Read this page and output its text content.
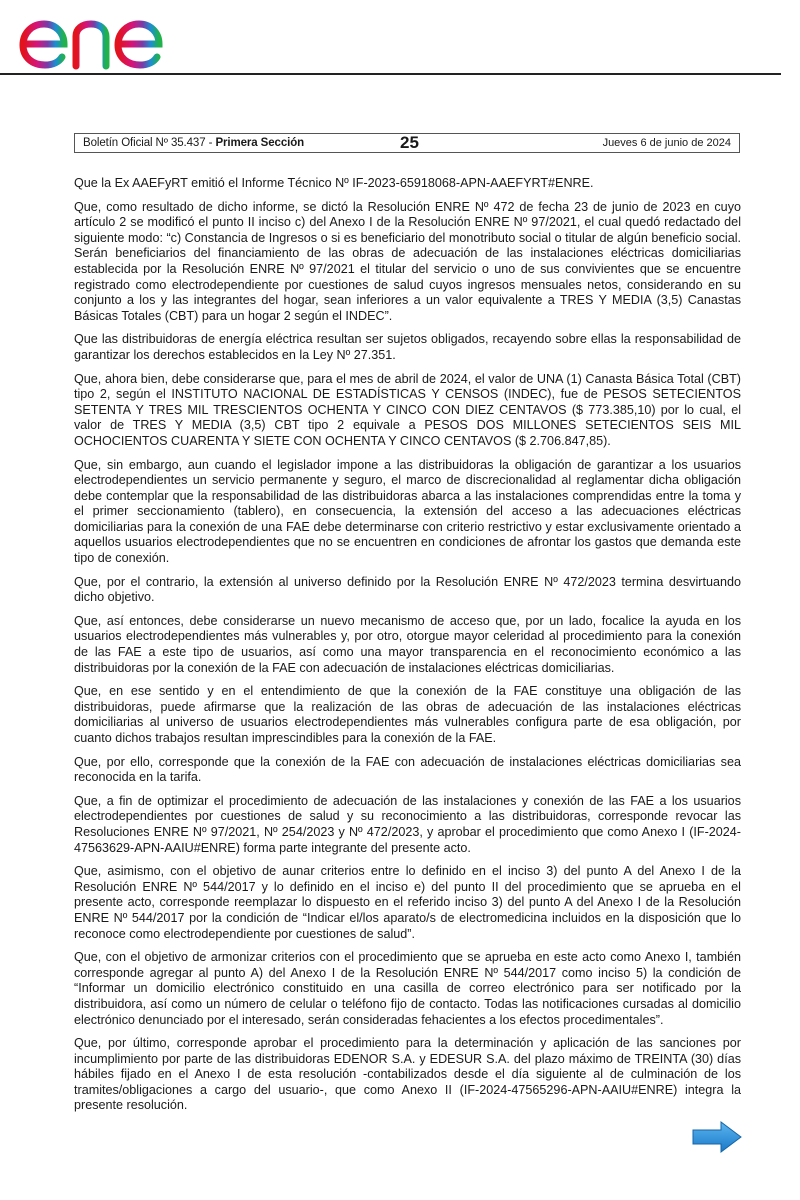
Boletín Oficial Nº 35.437 - Primera Sección	25	Jueves 6 de junio de 2024

Que la Ex AAEFyRT emitió el Informe Técnico Nº IF-2023-65918068-APN-AAEFYRT#ENRE.

Que, como resultado de dicho informe, se dictó la Resolución ENRE Nº 472 de fecha 23 de junio de 2023 en cuyo artículo 2 se modificó el punto II inciso c) del Anexo I de la Resolución ENRE Nº 97/2021, el cual quedó redactado del siguiente modo: “c) Constancia de Ingresos o si es beneficiario del monotributo social o titular de algún beneficio social. Serán beneficiarios del financiamiento de las obras de adecuación de las instalaciones eléctricas domiciliarias establecida por la Resolución ENRE Nº 97/2021 el titular del servicio o uno de sus convivientes que se encuentre registrado como electrodependiente por cuestiones de salud cuyos ingresos mensuales netos, considerando en su conjunto a los y las integrantes del hogar, sean inferiores a un valor equivalente a TRES Y MEDIA (3,5) Canastas Básicas Totales (CBT) para un hogar 2 según el INDEC”.

Que las distribuidoras de energía eléctrica resultan ser sujetos obligados, recayendo sobre ellas la responsabilidad de garantizar los derechos establecidos en la Ley Nº 27.351.

Que, ahora bien, debe considerarse que, para el mes de abril de 2024, el valor de UNA (1) Canasta Básica Total (CBT) tipo 2, según el INSTITUTO NACIONAL DE ESTADÍSTICAS Y CENSOS (INDEC), fue de PESOS SETECIENTOS SETENTA Y TRES MIL TRESCIENTOS OCHENTA Y CINCO CON DIEZ CENTAVOS ($ 773.385,10) por lo cual, el valor de TRES Y MEDIA (3,5) CBT tipo 2 equivale a PESOS DOS MILLONES SETECIENTOS SEIS MIL OCHOCIENTOS CUARENTA Y SIETE CON OCHENTA Y CINCO CENTAVOS ($ 2.706.847,85).

Que, sin embargo, aun cuando el legislador impone a las distribuidoras la obligación de garantizar a los usuarios electrodependientes un servicio permanente y seguro, el marco de discrecionalidad al reglamentar dicha obligación debe contemplar que la responsabilidad de las distribuidoras abarca a las instalaciones comprendidas entre la toma y el primer seccionamiento (tablero), en consecuencia, la extensión del acceso a las adecuaciones eléctricas domiciliarias para la conexión de una FAE debe determinarse con criterio restrictivo y estar exclusivamente orientado a aquellos usuarios electrodependientes que no se encuentren en condiciones de afrontar los gastos que demanda este tipo de conexión.

Que, por el contrario, la extensión al universo definido por la Resolución ENRE Nº 472/2023 termina desvirtuando dicho objetivo.

Que, así entonces, debe considerarse un nuevo mecanismo de acceso que, por un lado, focalice la ayuda en los usuarios electrodependientes más vulnerables y, por otro, otorgue mayor celeridad al procedimiento para la conexión de las FAE a este tipo de usuarios, así como una mayor transparencia en el reconocimiento económico a las distribuidoras por la conexión de la FAE con adecuación de instalaciones eléctricas domiciliarias.

Que, en ese sentido y en el entendimiento de que la conexión de la FAE constituye una obligación de las distribuidoras, puede afirmarse que la realización de las obras de adecuación de las instalaciones eléctricas domiciliarias al universo de usuarios electrodependientes más vulnerables configura parte de esa obligación, por cuanto dichos trabajos resultan imprescindibles para la conexión de la FAE.

Que, por ello, corresponde que la conexión de la FAE con adecuación de instalaciones eléctricas domiciliarias sea reconocida en la tarifa.

Que, a fin de optimizar el procedimiento de adecuación de las instalaciones y conexión de las FAE a los usuarios electrodependientes por cuestiones de salud y su reconocimiento a las distribuidoras, corresponde revocar las Resoluciones ENRE Nº 97/2021, Nº 254/2023 y Nº 472/2023, y aprobar el procedimiento que como Anexo I (IF-2024-47563629-APN-AAIU#ENRE) forma parte integrante del presente acto.

Que, asimismo, con el objetivo de aunar criterios entre lo definido en el inciso 3) del punto A del Anexo I de la Resolución ENRE Nº 544/2017 y lo definido en el inciso e) del punto II del procedimiento que se aprueba en el presente acto, corresponde reemplazar lo dispuesto en el referido inciso 3) del punto A del Anexo I de la Resolución ENRE Nº 544/2017 por la condición de “Indicar el/los aparato/s de electromedicina incluidos en la disposición que lo reconoce como electrodependiente por cuestiones de salud”.

Que, con el objetivo de armonizar criterios con el procedimiento que se aprueba en este acto como Anexo I, también corresponde agregar al punto A) del Anexo I de la Resolución ENRE Nº 544/2017 como inciso 5) la condición de “Informar un domicilio electrónico constituido en una casilla de correo electrónico para ser notificado por la distribuidora, así como un número de celular o teléfono fijo de contacto. Todas las notificaciones cursadas al domicilio electrónico denunciado por el interesado, serán consideradas fehacientes a los efectos procedimentales”.

Que, por último, corresponde aprobar el procedimiento para la determinación y aplicación de las sanciones por incumplimiento por parte de las distribuidoras EDENOR S.A. y EDESUR S.A. del plazo máximo de TREINTA (30) días hábiles fijado en el Anexo I de esta resolución -contabilizados desde el día siguiente al de culminación de los tramites/obligaciones a cargo del usuario-, que como Anexo II (IF-2024-47565296-APN-AAIU#ENRE) integra la presente resolución.
